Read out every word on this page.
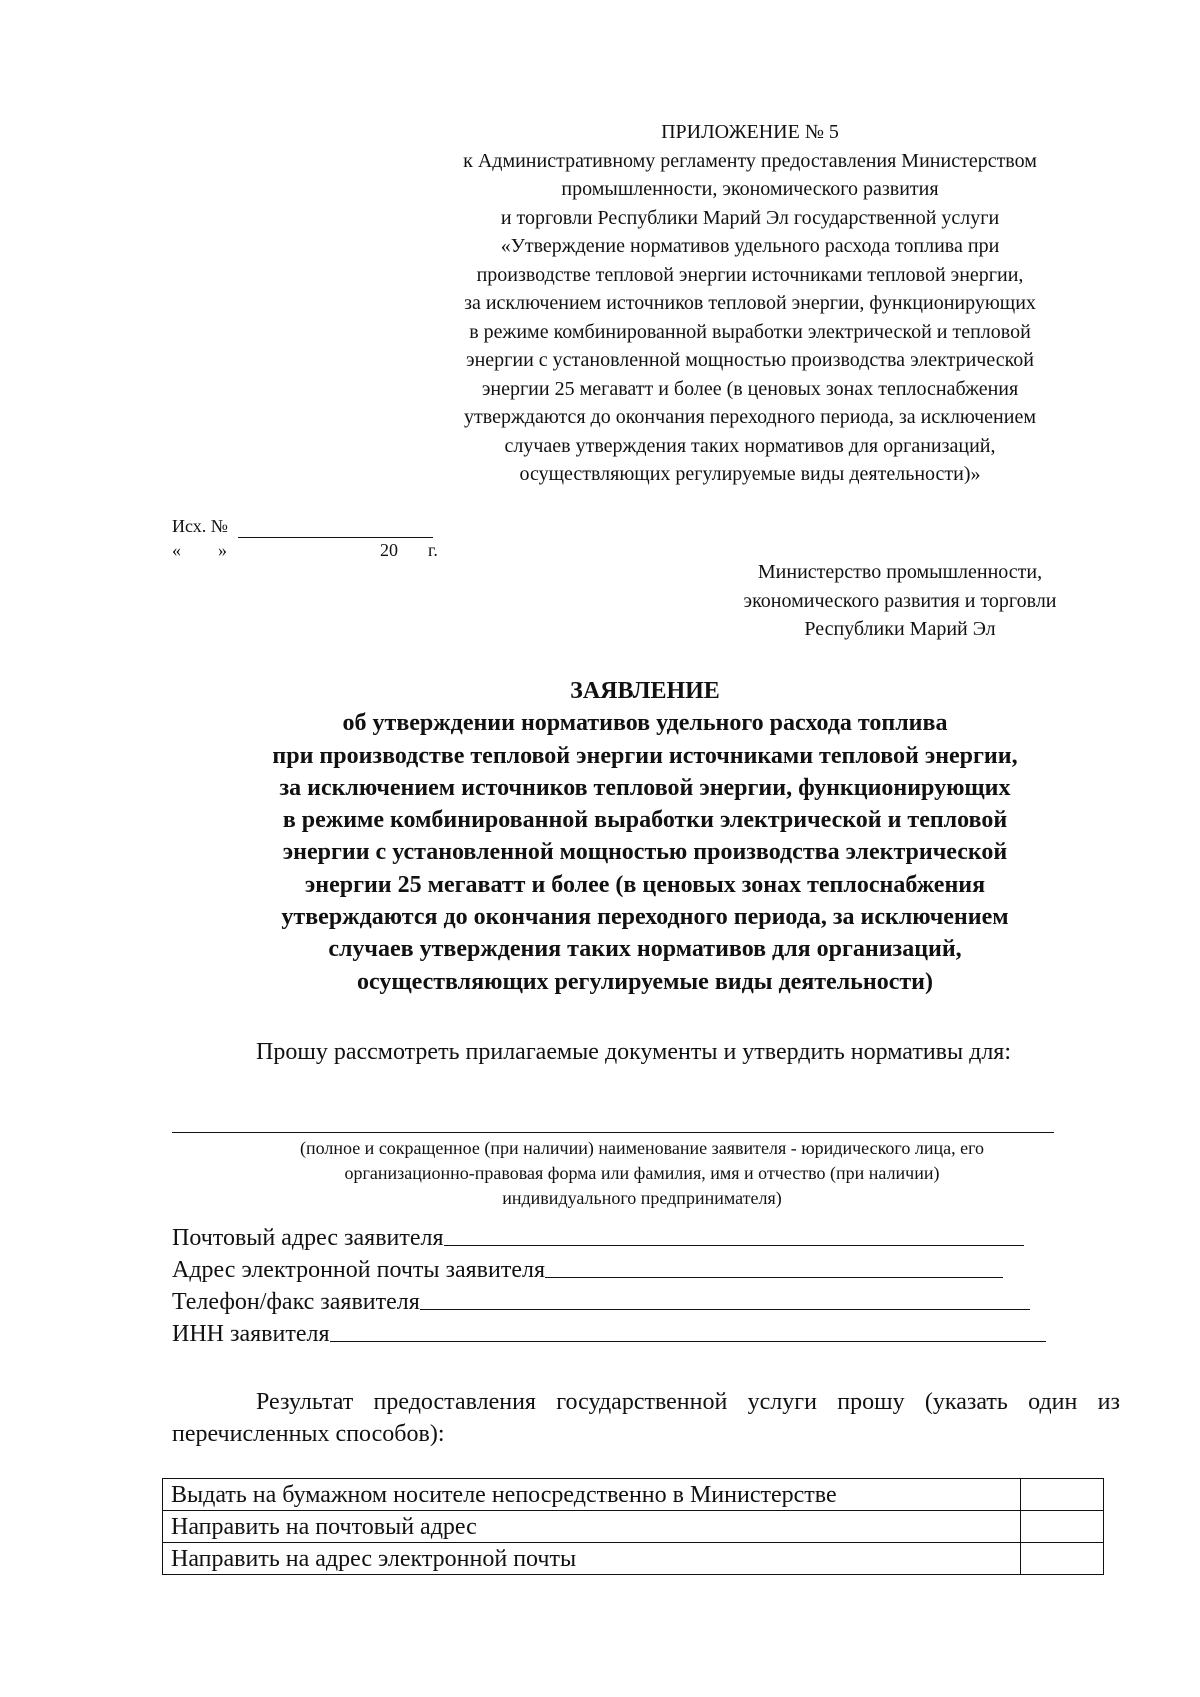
ПРИЛОЖЕНИЕ № 5
к Административному регламенту предоставления Министерством
промышленности, экономического развития
и торговли Республики Марий Эл государственной услуги
«Утверждение нормативов удельного расхода топлива при
производстве тепловой энергии источниками тепловой энергии,
за исключением источников тепловой энергии, функционирующих
в режиме комбинированной выработки электрической и тепловой
энергии с установленной мощностью производства электрической
энергии 25 мегаватт и более (в ценовых зонах теплоснабжения
утверждаются до окончания переходного периода, за исключением
случаев утверждения таких нормативов для организаций,
осуществляющих регулируемые виды деятельности)»
Исх. №
« »	20 г.
Министерство промышленности,
экономического развития и торговли
Республики Марий Эл
ЗАЯВЛЕНИЕ
об утверждении нормативов удельного расхода топлива
при производстве тепловой энергии источниками тепловой энергии,
за исключением источников тепловой энергии, функционирующих
в режиме комбинированной выработки электрической и тепловой
энергии с установленной мощностью производства электрической
энергии 25 мегаватт и более (в ценовых зонах теплоснабжения
утверждаются до окончания переходного периода, за исключением
случаев утверждения таких нормативов для организаций,
осуществляющих регулируемые виды деятельности)
Прошу рассмотреть прилагаемые документы и утвердить нормативы для:
(полное и сокращенное (при наличии) наименование заявителя - юридического лица, его
организационно-правовая форма или фамилия, имя и отчество (при наличии)
индивидуального предпринимателя)
Почтовый адрес заявителя
Адрес электронной почты заявителя
Телефон/факс заявителя
ИНН заявителя
Результат предоставления государственной услуги прошу (указать один из перечисленных способов):
Выдать на бумажном носителе непосредственно в Министерстве	
Направить на почтовый адрес	
Направить на адрес электронной почты	
